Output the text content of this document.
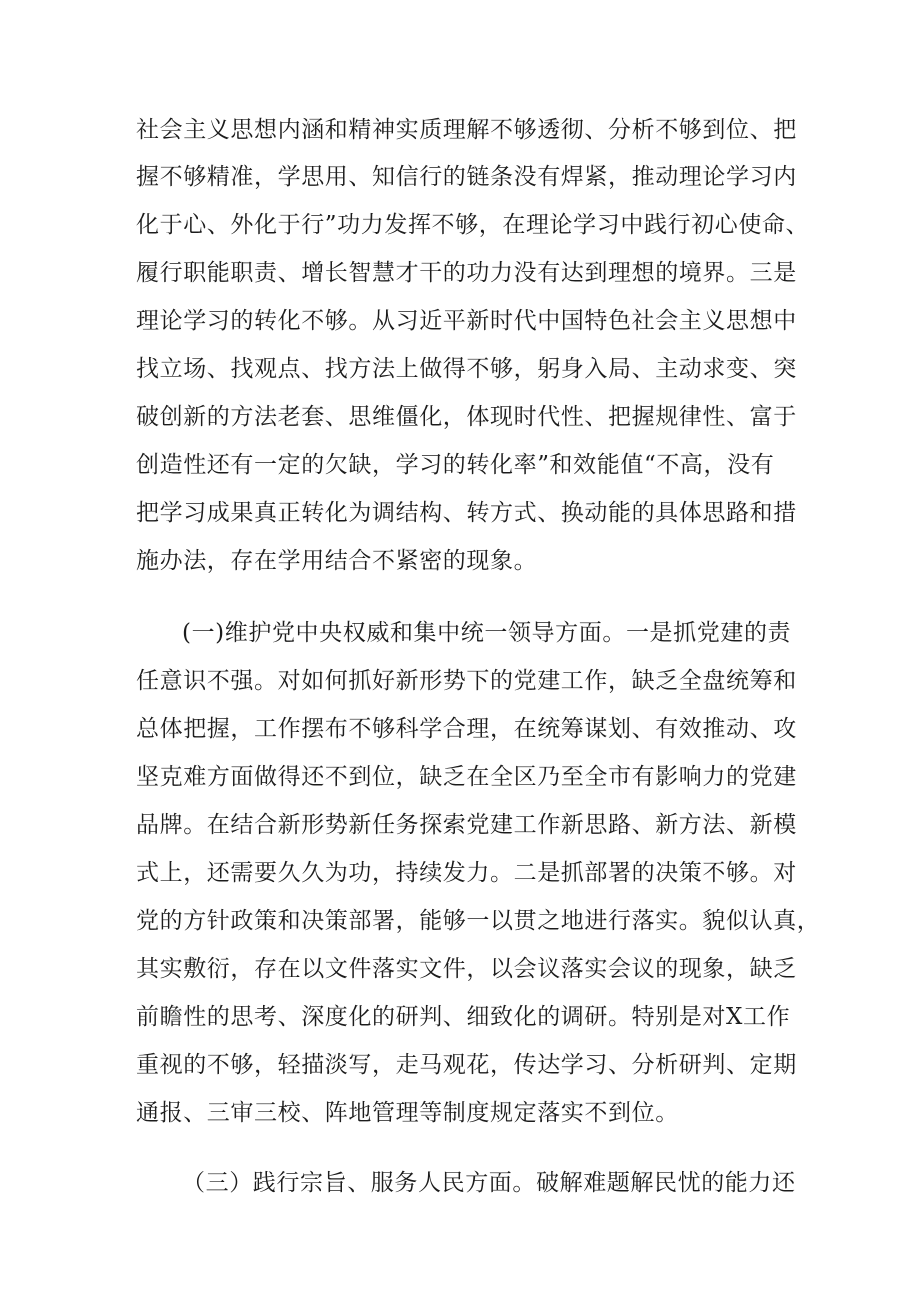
社会主义思想内涵和精神实质理解不够透彻、分析不够到位、把
握不够精准，学思用、知信行的链条没有焊紧，推动理论学习内
化于心、外化于行”功力发挥不够，在理论学习中践行初心使命、
履行职能职责、增长智慧才干的功力没有达到理想的境界。三是
理论学习的转化不够。从习近平新时代中国特色社会主义思想中
找立场、找观点、找方法上做得不够，躬身入局、主动求变、突
破创新的方法老套、思维僵化，体现时代性、把握规律性、富于
创造性还有一定的欠缺，学习的转化率”和效能值“不高，没有
把学习成果真正转化为调结构、转方式、换动能的具体思路和措
施办法，存在学用结合不紧密的现象。
(一)维护党中央权威和集中统一领导方面。一是抓党建的责
任意识不强。对如何抓好新形势下的党建工作，缺乏全盘统筹和
总体把握，工作摆布不够科学合理，在统筹谋划、有效推动、攻
坚克难方面做得还不到位，缺乏在全区乃至全市有影响力的党建
品牌。在结合新形势新任务探索党建工作新思路、新方法、新模
式上，还需要久久为功，持续发力。二是抓部署的决策不够。对
党的方针政策和决策部署，能够一以贯之地进行落实。貌似认真，
其实敷衍，存在以文件落实文件，以会议落实会议的现象，缺乏
前瞻性的思考、深度化的研判、细致化的调研。特别是对X工作
重视的不够，轻描淡写，走马观花，传达学习、分析研判、定期
通报、三审三校、阵地管理等制度规定落实不到位。
（三）践行宗旨、服务人民方面。破解难题解民忧的能力还
